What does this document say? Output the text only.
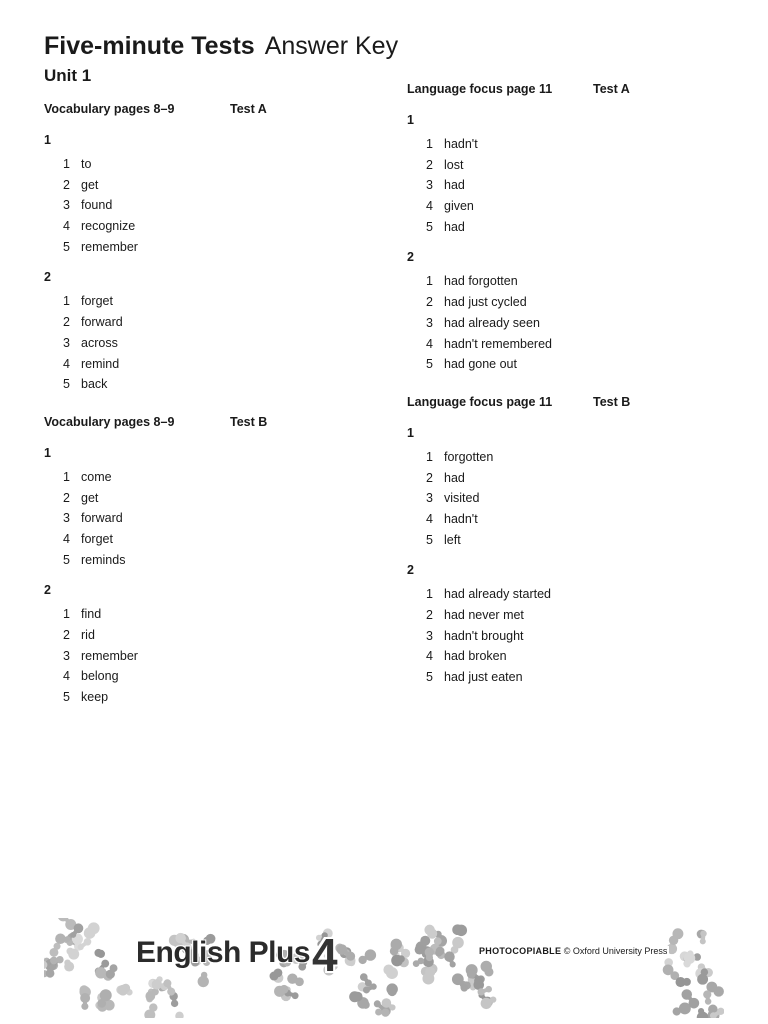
Five-minute Tests Answer Key
Unit 1
Vocabulary pages 8–9	Test A
1
1 to
2 get
3 found
4 recognize
5 remember
2
1 forget
2 forward
3 across
4 remind
5 back
Vocabulary pages 8–9	Test B
1
1 come
2 get
3 forward
4 forget
5 reminds
2
1 find
2 rid
3 remember
4 belong
5 keep
Language focus page 11	Test A
1
1 hadn't
2 lost
3 had
4 given
5 had
2
1 had forgotten
2 had just cycled
3 had already seen
4 hadn't remembered
5 had gone out
Language focus page 11	Test B
1
1 forgotten
2 had
3 visited
4 hadn't
5 left
2
1 had already started
2 had never met
3 hadn't brought
4 had broken
5 had just eaten
English Plus 4	PHOTOCOPIABLE © Oxford University Press
